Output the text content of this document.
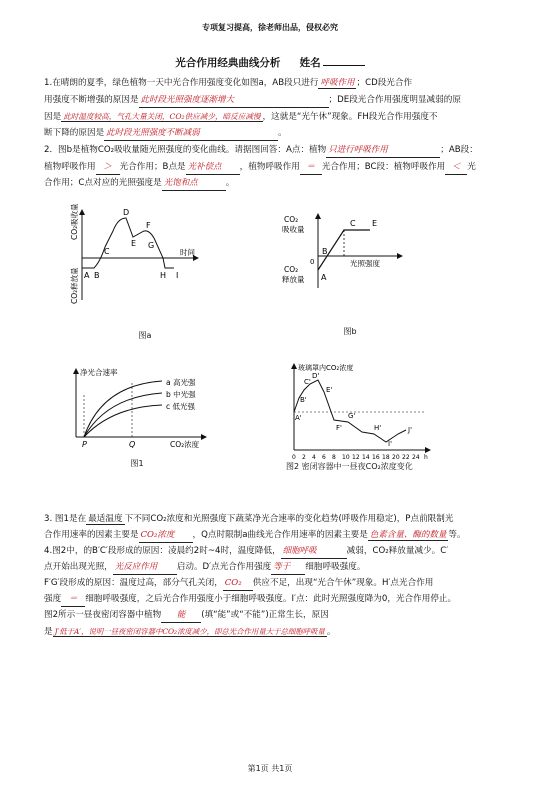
专项复习提高，徐老师出品，侵权必究
光合作用经典曲线分析 姓名
1.在晴朗的夏季，绿色植物一天中光合作用强度变化如图a，AB段只进行 呼吸作用 ；CD段光合作
用强度不断增强的原因是 此时段光照强度逐渐增大	；DE段光合作用强度明显减弱的原
因是 此时温度较高，气孔大量关闭，CO₂供应减少，暗反应减慢 ，这就是“光午休”现象。FH段光合作用强度不
断下降的原因是 此时段光照强度不断减弱	。
2．图b是植物CO₂吸收量随光照强度的变化曲线。请据图回答：A点：植物 只进行呼吸作用	；AB段：
植物呼吸作用 ＞ 光合作用；B点是 光补偿点 ，植物呼吸作用 ＝ 光合作用；BC段：植物呼吸作用 ＜ 光
合作用；C点对应的光照强度是 光饱和点	。
CO₂吸收量
CO₂释放量
时间
A B
C
D
E
F
G
H I
图a
CO₂
吸收量
CO₂
释放量
光照强度
A
B
C E
0
图b
净光合速率
a 高光强
b 中光强
c 低光强
P	Q	CO₂浓度
图1
玻璃罩内CO₂浓度
A'
B'
C'
D'
E'
F'
G'
H'
I'
J'
0 2 4 6 8 10 12 14 16 18 20 22 24 h
图2 密闭容器中一昼夜CO₂浓度变化
3. 图1是在 最适温度 下不同CO₂浓度和光照强度下蔬菜净光合速率的变化趋势(呼吸作用稳定)，P点前限制光
合作用速率的因素主要是 CO₂浓度 ，Q点时限制a曲线光合作用速率的因素主要是 色素含量、酶的数量 等。
4.图2中，的B′C′段形成的原因：凌晨约2时~4时，温度降低， 细胞呼吸	减弱，CO₂释放量减少。C′
点开始出现光照， 光反应作用 启动。D′点光合作用强度 等于 细胞呼吸强度。
F′G′段形成的原因：温度过高，部分气孔关闭， CO₂ 供应不足，出现“光合午休”现象。H′点光合作用
强度 ＝ 细胞呼吸强度，之后光合作用强度小于细胞呼吸强度。I′点：此时光照强度降为0，光合作用停止。
图2所示一昼夜密闭容器中植物 能 (填“能”或“不能”)正常生长，原因
是 J′低于A′，说明一昼夜密闭容器中CO₂浓度减少，即总光合作用量大于总细胞呼吸量 。
第1页 共1页
